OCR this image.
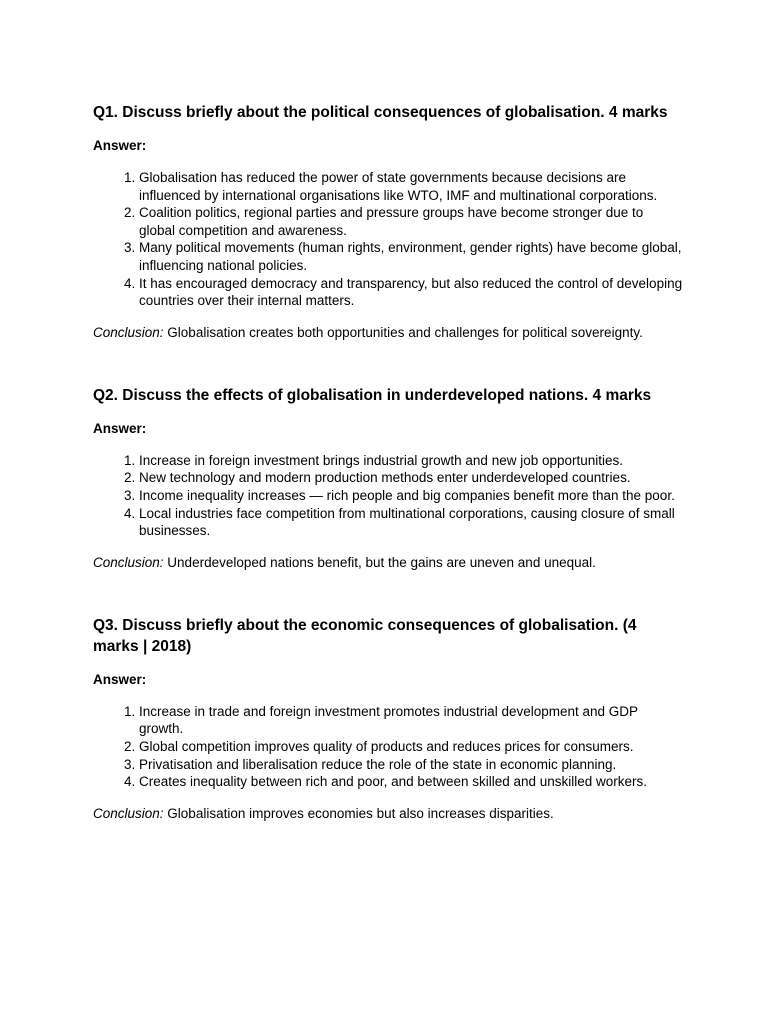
Q1. Discuss briefly about the political consequences of globalisation. 4 marks
Answer:
1. Globalisation has reduced the power of state governments because decisions are influenced by international organisations like WTO, IMF and multinational corporations.
2. Coalition politics, regional parties and pressure groups have become stronger due to global competition and awareness.
3. Many political movements (human rights, environment, gender rights) have become global, influencing national policies.
4. It has encouraged democracy and transparency, but also reduced the control of developing countries over their internal matters.

Conclusion: Globalisation creates both opportunities and challenges for political sovereignty.

Q2. Discuss the effects of globalisation in underdeveloped nations. 4 marks
Answer:
1. Increase in foreign investment brings industrial growth and new job opportunities.
2. New technology and modern production methods enter underdeveloped countries.
3. Income inequality increases — rich people and big companies benefit more than the poor.
4. Local industries face competition from multinational corporations, causing closure of small businesses.

Conclusion: Underdeveloped nations benefit, but the gains are uneven and unequal.

Q3. Discuss briefly about the economic consequences of globalisation. (4 marks | 2018)
Answer:
1. Increase in trade and foreign investment promotes industrial development and GDP growth.
2. Global competition improves quality of products and reduces prices for consumers.
3. Privatisation and liberalisation reduce the role of the state in economic planning.
4. Creates inequality between rich and poor, and between skilled and unskilled workers.

Conclusion: Globalisation improves economies but also increases disparities.
